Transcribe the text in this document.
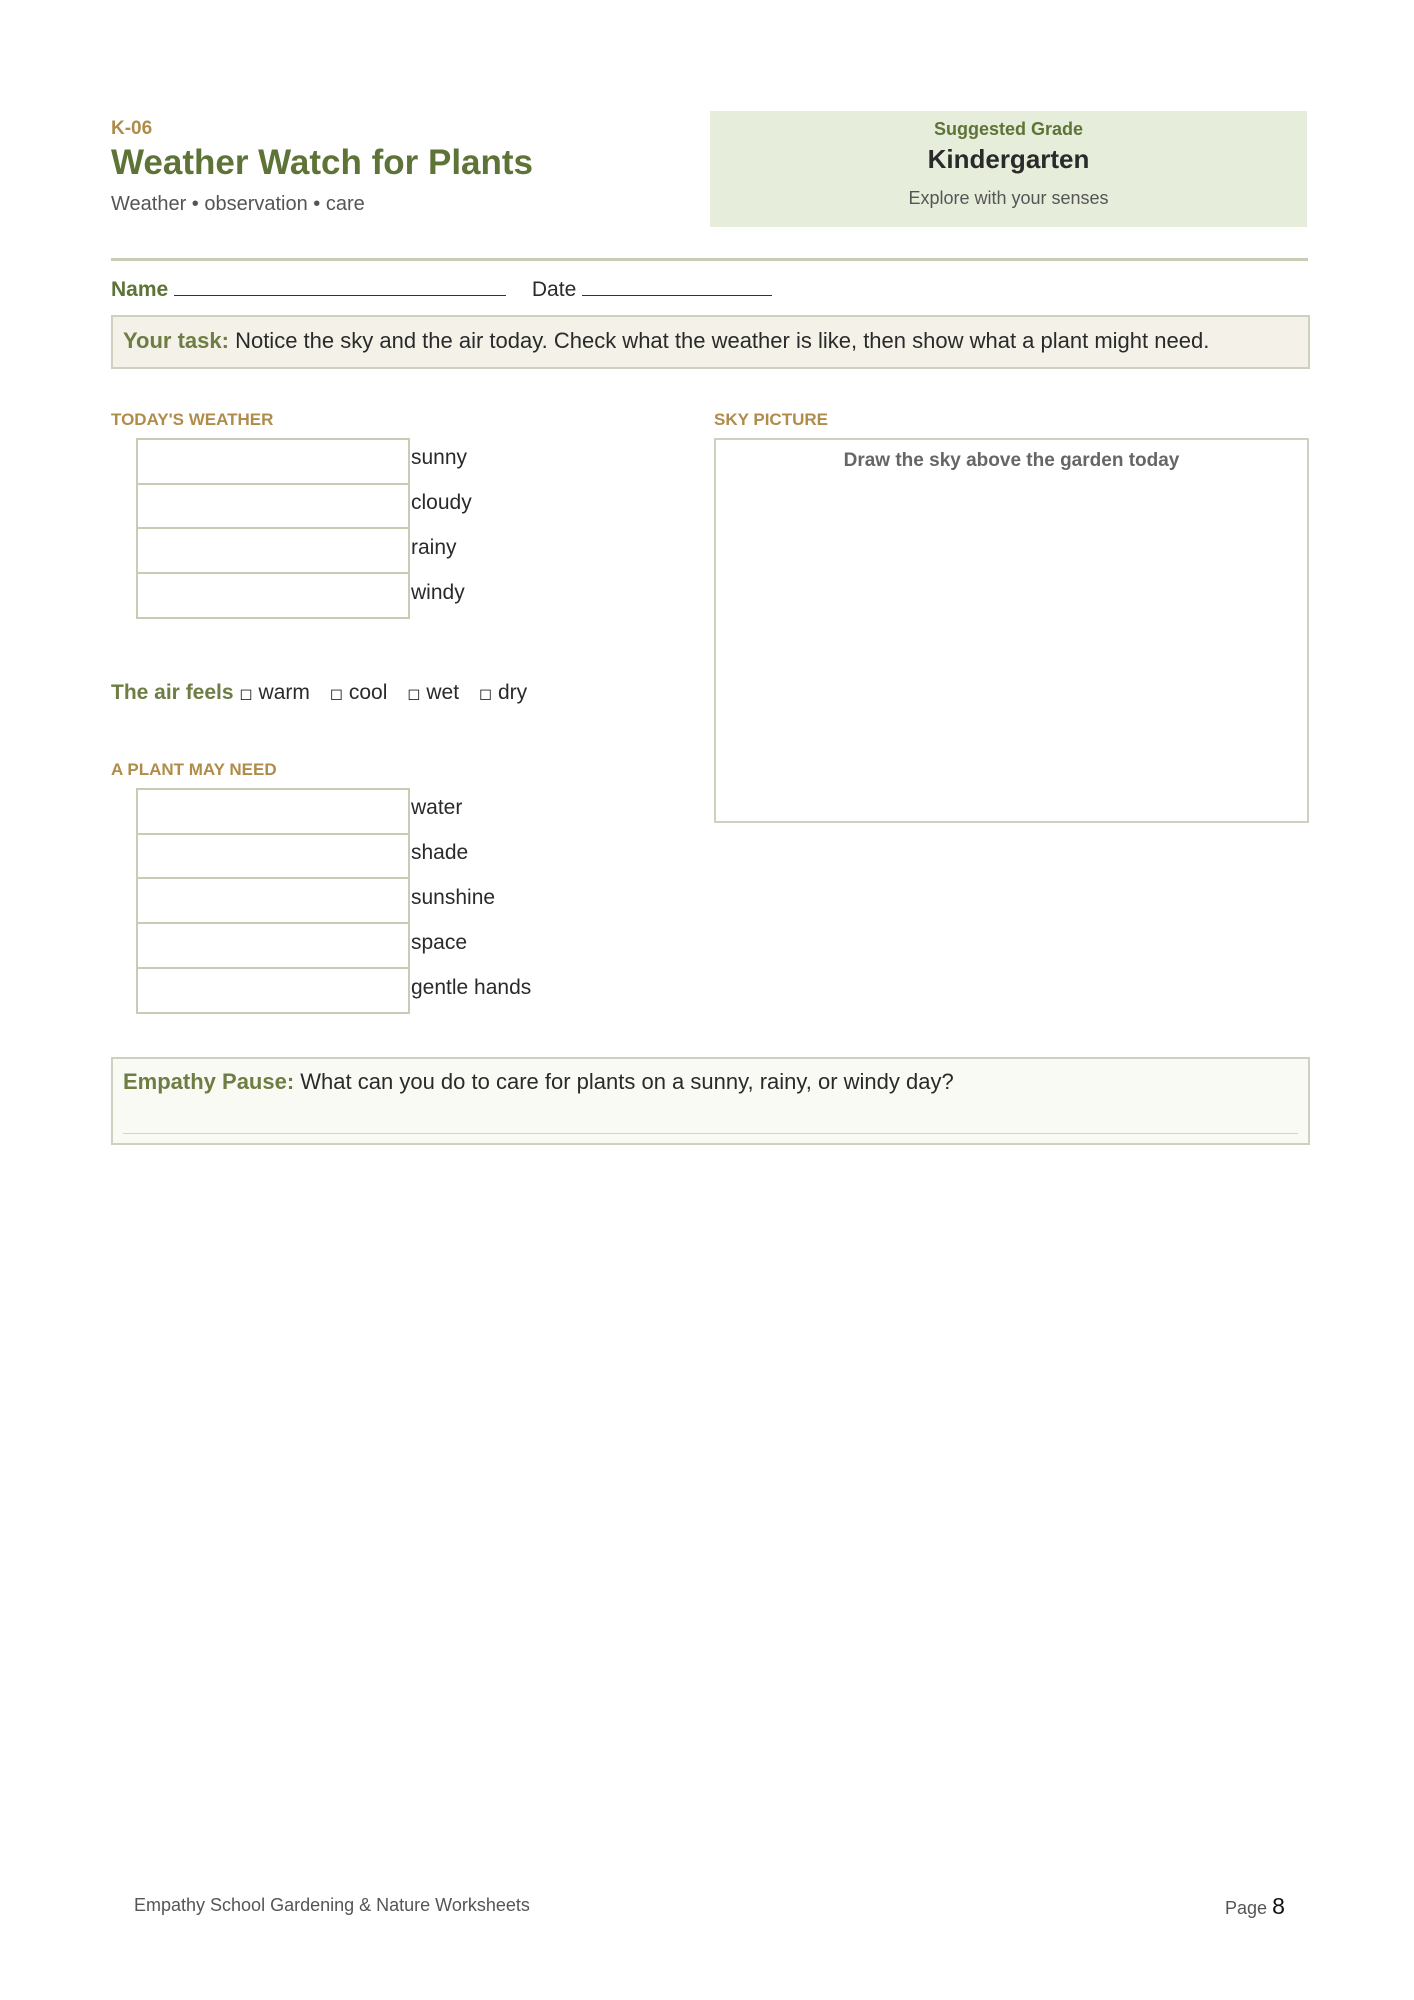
K-06
Weather Watch for Plants
Weather • observation • care
Suggested Grade
Kindergarten
Explore with your senses
Name	Date
Your task: Notice the sky and the air today. Check what the weather is like, then show what a plant might need.
TODAY'S WEATHER
sunny
cloudy
rainy
windy
The air feels ◻ warm ◻ cool ◻ wet ◻ dry
A PLANT MAY NEED
water
shade
sunshine
space
gentle hands
SKY PICTURE
Draw the sky above the garden today
Empathy Pause: What can you do to care for plants on a sunny, rainy, or windy day?
Empathy School Gardening & Nature Worksheets	Page 8
